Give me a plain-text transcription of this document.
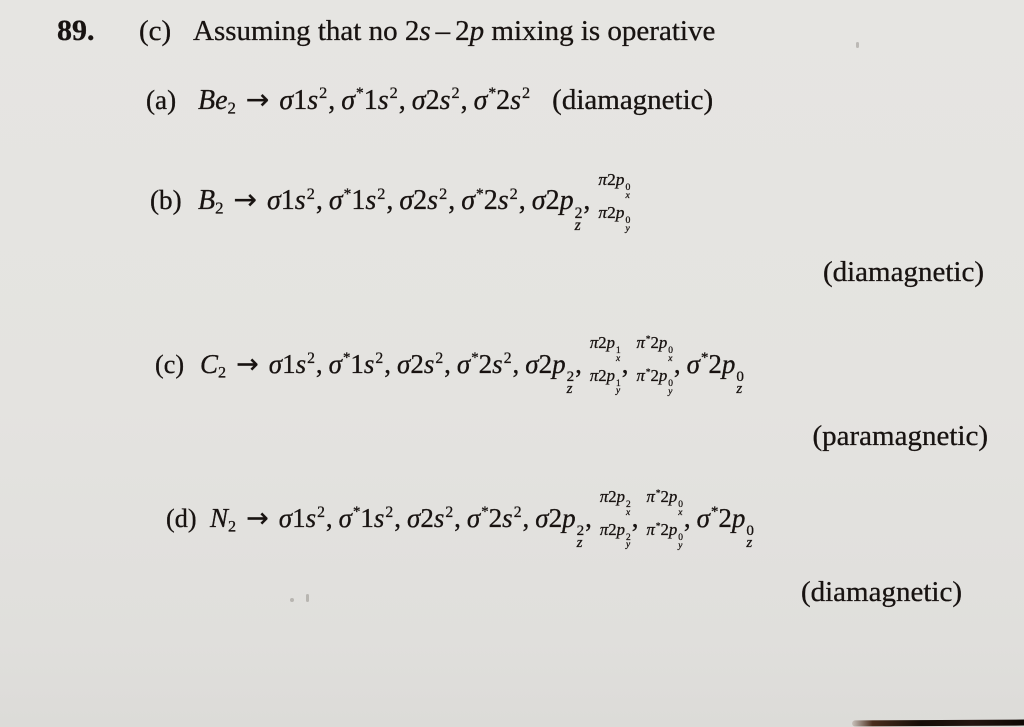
89. (c) Assuming that no 2s – 2p mixing is operative
(a) $Be2 \to \sigma 1s^2$, $\sigma^*1s^2$, $\sigma 2s^2$, $\sigma^*2s^2$ (diamagnetic)
(b) $B2 \to \sigma 1s^2$, $\sigma^*1s^2$, $\sigma 2s^2$, $\sigma^*2s^2$, σ2p 2
z
,
π2p 0
x
π2p 0
y
(diamagnetic)
(c) $C2 \to \sigma 1s^2$, $\sigma^*1s^2$, $\sigma 2s^2$, $\sigma^*2s^2$, σ2p 2
z
,
π2p 1
x
π2p 1
y
,
π*2p 0
x
π*2p 0
y
, σ*2p 0
z
(paramagnetic)
(d) $N2 \to \sigma 1s^2$, $\sigma^*1s^2$, $\sigma 2s^2$, $\sigma^*2s^2$, σ2p 2
z
,
π2p 2
x
π2p 2
y
,
π*2p 0
x
π*2p 0
y
, σ*2p 0
z
(diamagnetic)
